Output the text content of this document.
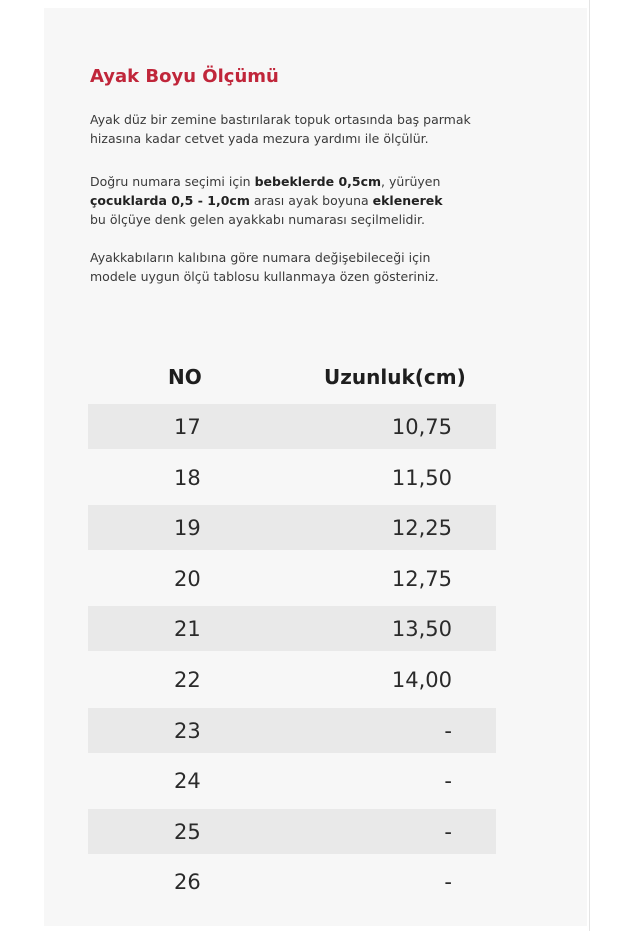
Ayak Boyu Ölçümü

Ayak düz bir zemine bastırılarak topuk ortasında baş parmak
hizasına kadar cetvet yada mezura yardımı ile ölçülür.

Doğru numara seçimi için bebeklerde 0,5cm, yürüyen
çocuklarda 0,5 - 1,0cm arası ayak boyuna eklenerek
bu ölçüye denk gelen ayakkabı numarası seçilmelidir.

Ayakkabıların kalıbına göre numara değişebileceği için
modele uygun ölçü tablosu kullanmaya özen gösteriniz.

NO	Uzunluk(cm)
17	10,75
18	11,50
19	12,25
20	12,75
21	13,50
22	14,00
23	-
24	-
25	-
26	-
